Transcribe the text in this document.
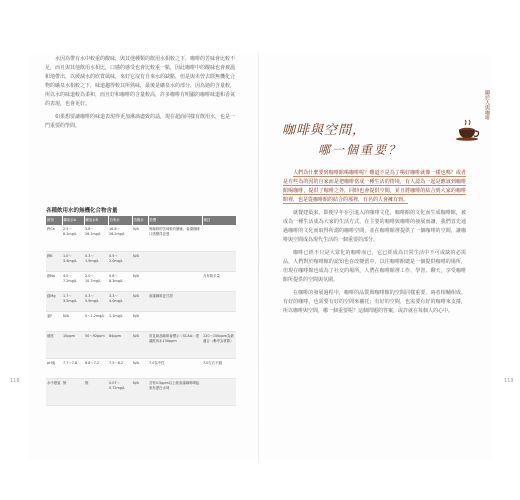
118	119

水因為帶有水中較重的酸味，與其他種類的飲用水相較之下，咖啡的苦味會比較不足，而且與其他飲用水相比，口感的感受也會比較重一點，因此咖啡中的酸味也會被溫和地帶出，以緩減水的欣賞風味，來好它沒有自來水的缺點，但是與未曾去除無機化合物的礦泉水相較之下，味道趨得較其所熟味，最後是礦泉水的部分，因為她的含量較，所以水的味道較為柔和，而且好和咖啡的含量較高，許多咖啡有明顯的咖啡味道和香氣的表現，也會更好。

如果想要讓咖啡的味道表現得更加淋漓盡致的話，現在超商同樣有飲用水，也是一門重要的學問。

各種飲用水的無機化合物含量
區別	礦泉水A	礦泉水B	自來水	蒸餾水	影響	備註
鈣Ca	2.5～8.1mg/L	3.8～26.1mg/L	16.8～26.2mg/L	N/A	與咖啡的苦味較有關係，會讓咖啡口感變得更強	
鉀K	1.0～3.4mg/L	0.3～1.9mg/L	0.5～2.0mg/L	N/A		
鈉Na	4.0～7.2mg/L	2.0～10.7mg/L	5.8～8.3mg/L	N/A		含有較多量
鎂Mg	1.7～3.5mg/L	0.3～5.9mg/L	3.3～4.0mg/L	N/A	會讓咖啡更甘甜	
氯F	N/A	0～1.2mg/L	1.1mg/L	N/A		
硬度	10ppm	50～92ppm	84ppm	N/A	常見商品咖啡會標示（SCAA）建議飲用水150ppm	120～150ppm為最適合（參考為實際）
pH值	7.7～7.8	6.8～7.2	7.5～8.2	N/A	7.0為中性	7.0左右不錯
水中總氯	無	無	0.07～0.72mg/L	N/A	含有0.5ppm以上就會讓咖啡喝起來有漂白水味	
咖啡與空間，
哪一個重要？
關於人與咖啡

人們為什麼要到咖啡館喝咖啡呢？難道不是為了喝好咖啡就像一樣也嗎？或者是有些為的因的自家而是把咖啡當成一種生活的情境，有人認為一起是應該到咖啡館喝咖啡，提供了咖啡之外，同時也會提供空間，並且將咖啡的結合到大家的咖啡館裡，也是從咖啡館的結合的那裡，有名的人會擁有到。

就餐建築來，即便早年在引進入的咖啡文化，咖啡館的文化而生成咖啡館，被成為一種生活成為大家的生活方式，在主要的咖啡與咖啡的發展而讓，我們首先通過咖啡的文化而取得所謂的咖啡空間，並在咖啡館裡提供了一個咖啡的空間，讓咖啡與空間成為現代生活的一個重要的部分。

咖啡已經不只是大眾化的咖啡而已，它已經成為日常生活中不可或缺的必需品，人們對於咖啡館的認知也在改變當中，以往咖啡館總是一個提供咖啡的場所，但現在咖啡館也成為了社交的場所，人們在咖啡館裡工作、學習、聊天，享受咖啡館所提供的空間與氛圍。

在咖啡的發展過程中，咖啡的品質與咖啡館的空間同樣重要，兩者相輔相成。有好的咖啡，也需要有好的空間來襯托；有好的空間，也需要有好的咖啡來支撐，所以咖啡與空間，哪一個重要呢？這個問題的答案，或許就在每個人的心中。
